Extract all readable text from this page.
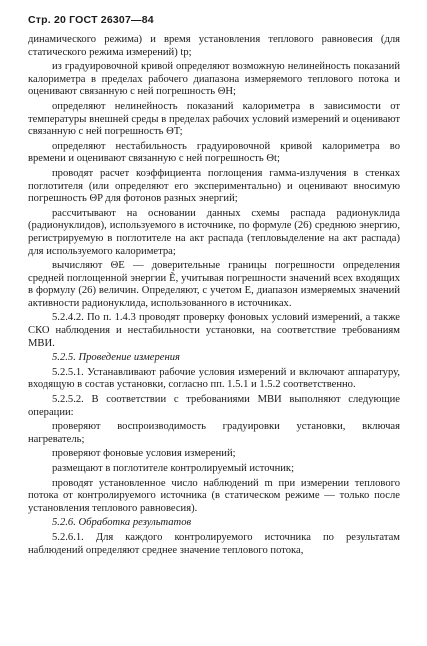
Стр. 20 ГОСТ 26307—84

динамического режима) и время установления теплового равновесия (для статического режима измерений) tp;

из градуировочной кривой определяют возможную нелинейность показаний калориметра в пределах рабочего диапазона измеряемого теплового потока и оценивают связанную с ней погрешность ΘН;

определяют нелинейность показаний калориметра в зависимости от температуры внешней среды в пределах рабочих условий измерений и оценивают связанную с ней погрешность ΘT;

определяют нестабильность градуировочной кривой калориметра во времени и оценивают связанную с ней погрешность Θt;

проводят расчет коэффициента поглощения гамма-излучения в стенках поглотителя (или определяют его экспериментально) и оценивают вносимую погрешность ΘP для фотонов разных энергий;

рассчитывают на основании данных схемы распада радионуклида (радионуклидов), используемого в источнике, по формуле (26) среднюю энергию, регистрируемую в поглотителе на акт распада (тепловыделение на акт распада) для используемого калориметра;

вычисляют ΘE — доверительные границы погрешности определения средней поглощенной энергии Ẽ, учитывая погрешности значений всех входящих в формулу (26) величин. Определяют, с учетом E, диапазон измеряемых значений активности радионуклида, использованного в источниках.

5.2.4.2. По п. 1.4.3 проводят проверку фоновых условий измерений, а также СКО наблюдения и нестабильности установки, на соответствие требованиям МВИ.

5.2.5. Проведение измерения

5.2.5.1. Устанавливают рабочие условия измерений и включают аппаратуру, входящую в состав установки, согласно пп. 1.5.1 и 1.5.2 соответственно.

5.2.5.2. В соответствии с требованиями МВИ выполняют следующие операции:

проверяют воспроизводимость градуировки установки, включая нагреватель;

проверяют фоновые условия измерений;

размещают в поглотителе контролируемый источник;

проводят установленное число наблюдений m при измерении теплового потока от контролируемого источника (в статическом режиме — только после установления теплового равновесия).

5.2.6. Обработка результатов

5.2.6.1. Для каждого контролируемого источника по результатам наблюдений определяют среднее значение теплового потока,
